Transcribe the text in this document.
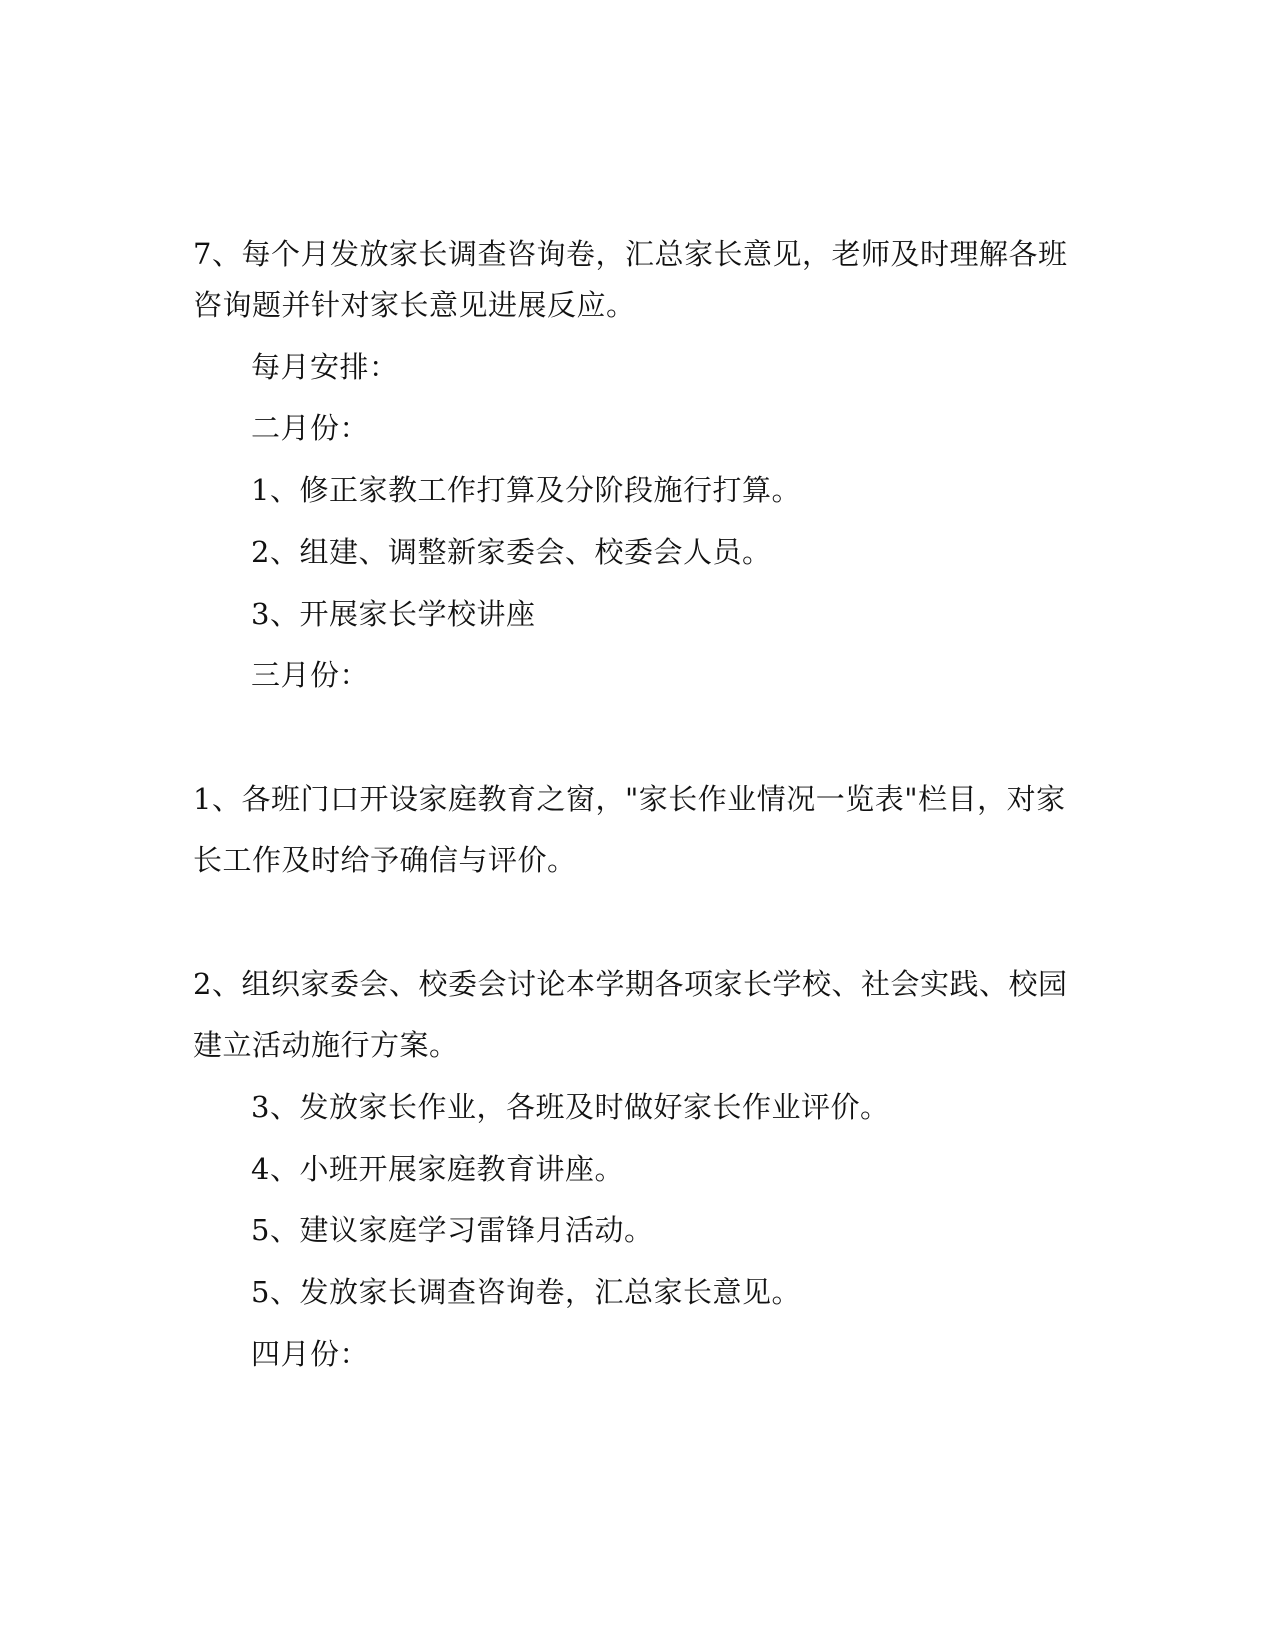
7、每个月发放家长调查咨询卷，汇总家长意见，老师及时理解各班

咨询题并针对家长意见进展反应。

每月安排：

二月份：

1、修正家教工作打算及分阶段施行打算。

2、组建、调整新家委会、校委会人员。

3、开展家长学校讲座

三月份：

1、各班门口开设家庭教育之窗，"家长作业情况一览表"栏目，对家

长工作及时给予确信与评价。

2、组织家委会、校委会讨论本学期各项家长学校、社会实践、校园

建立活动施行方案。

3、发放家长作业，各班及时做好家长作业评价。

4、小班开展家庭教育讲座。

5、建议家庭学习雷锋月活动。

5、发放家长调查咨询卷，汇总家长意见。

四月份：
